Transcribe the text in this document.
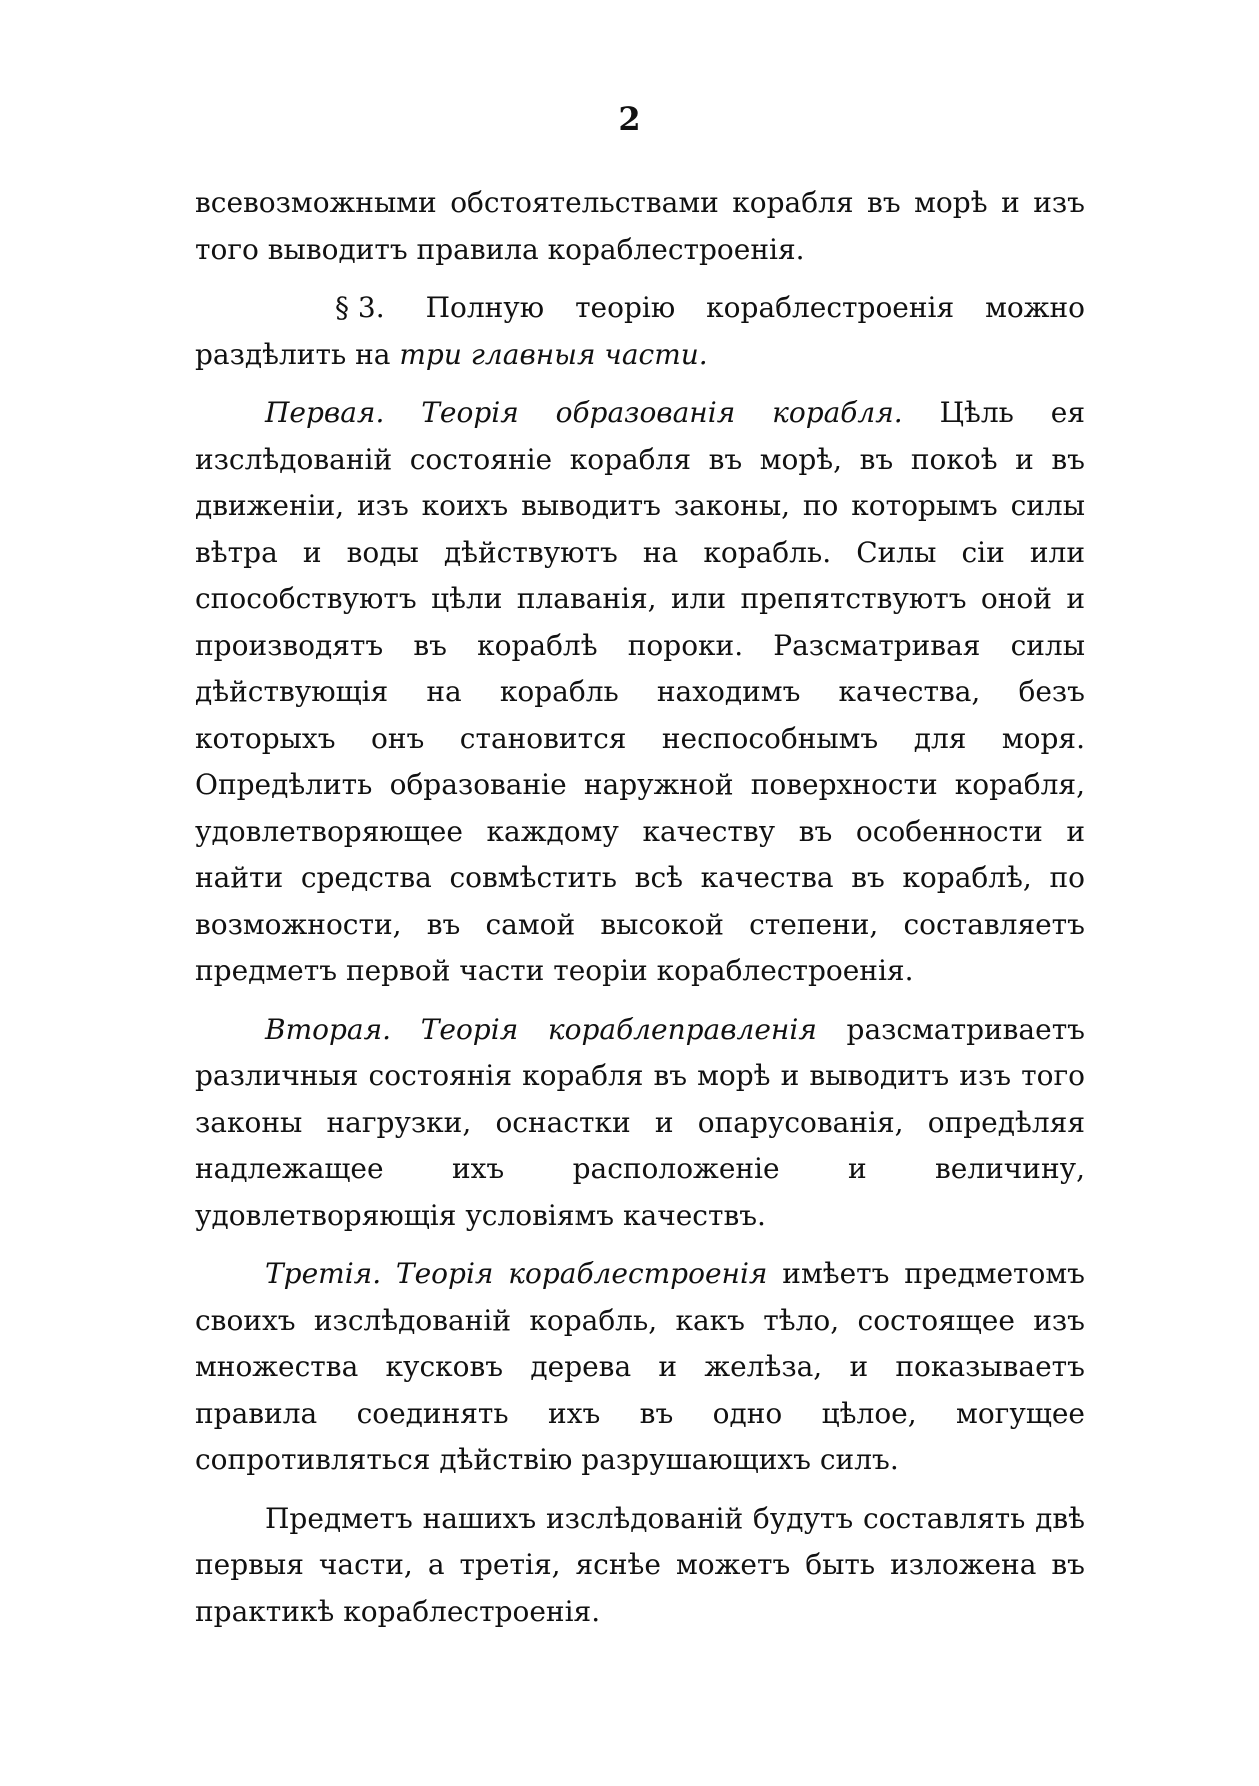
2

всевозможными обстоятельствами корабля въ морѣ и изъ того выводитъ правила кораблестроенія.

§ 3. Полную теорію кораблестроенія можно раздѣлить на три главныя части.

Первая. Теорія образованія корабля. Цѣль ея изслѣдованій состояніе корабля въ морѣ, въ покоѣ и въ движеніи, изъ коихъ выводитъ законы, по которымъ силы вѣтра и воды дѣйствуютъ на корабль. Силы сіи или способствуютъ цѣли плаванія, или препятствуютъ оной и производятъ въ кораблѣ пороки. Разсматривая силы дѣйствующія на корабль находимъ качества, безъ которыхъ онъ становится неспособнымъ для моря. Опредѣлить образованіе наружной поверхности корабля, удовлетворяющее каждому качеству въ особенности и найти средства совмѣстить всѣ качества въ кораблѣ, по возможности, въ самой высокой степени, составляетъ предметъ первой части теоріи кораблестроенія.

Вторая. Теорія кораблеправленія разсматриваетъ различныя состоянія корабля въ морѣ и выводитъ изъ того законы нагрузки, оснастки и опарусованія, опредѣляя надлежащее ихъ расположеніе и величину, удовлетворяющія условіямъ качествъ.

Третія. Теорія кораблестроенія имѣетъ предметомъ своихъ изслѣдованій корабль, какъ тѣло, состоящее изъ множества кусковъ дерева и желѣза, и показываетъ правила соединять ихъ въ одно цѣлое, могущее сопротивляться дѣйствію разрушающихъ силъ.

Предметъ нашихъ изслѣдованій будутъ составлять двѣ первыя части, а третія, яснѣе можетъ быть изложена въ практикѣ кораблестроенія.
